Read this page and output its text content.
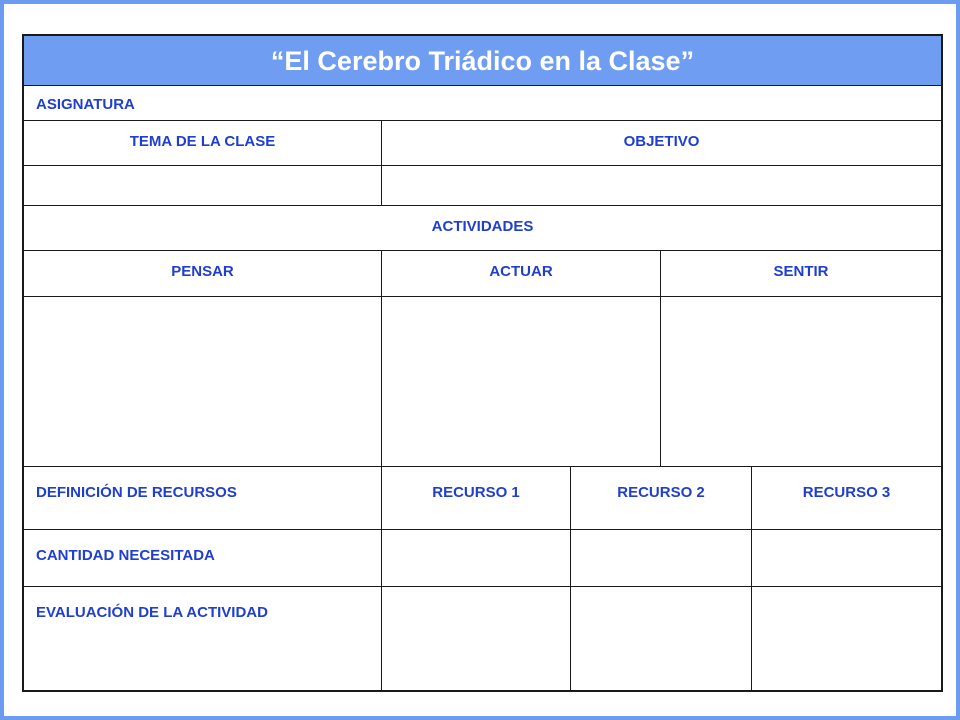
“El Cerebro Triádico en la Clase”
ASIGNATURA
TEMA DE LA CLASE	OBJETIVO
ACTIVIDADES
PENSAR	ACTUAR	SENTIR
DEFINICIÓN DE RECURSOS	RECURSO 1	RECURSO 2	RECURSO 3
CANTIDAD NECESITADA
EVALUACIÓN DE LA ACTIVIDAD
